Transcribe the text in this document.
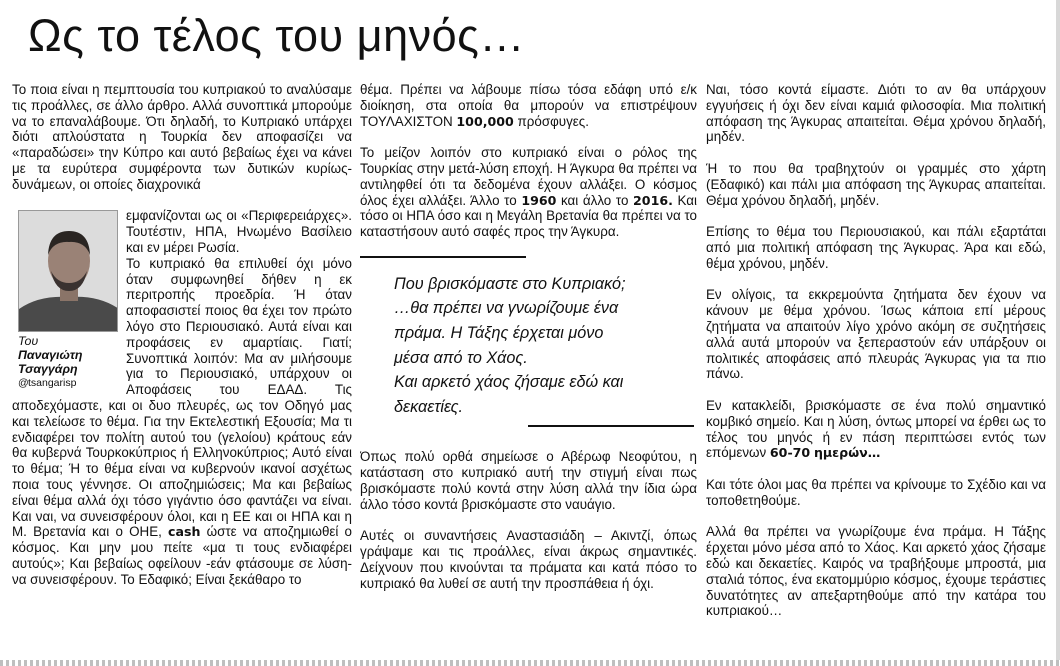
Ως το τέλος του μηνός…

Το ποια είναι η πεμπτουσία του κυπριακού το αναλύσαμε τις προάλλες, σε άλλο άρθρο. Αλλά συνοπτικά μπορούμε να το επαναλάβουμε. Ότι δηλαδή, το Κυπριακό υπάρχει διότι απλούστατα η Τουρκία δεν αποφασίζει να «παραδώσει» την Κύπρο και αυτό βεβαίως έχει να κάνει με τα ευρύτερα συμφέροντα των δυτικών κυρίως- δυνάμεων, οι οποίες διαχρονικά

Του
Παναγιώτη
Τσαγγάρη
@tsangarisp

εμφανίζονται ως οι «Περιφερειάρχες». Τουτέστιν, ΗΠΑ, Ηνωμένο Βασίλειο και εν μέρει Ρωσία.

Το κυπριακό θα επιλυθεί όχι μόνο όταν συμφωνηθεί δήθεν η εκ περιτροπής προεδρία. Ή όταν αποφασιστεί ποιος θα έχει τον πρώτο λόγο στο Περιουσιακό. Αυτά είναι και προφάσεις εν αμαρτίαις. Γιατί; Συνοπτικά λοιπόν: Μα αν μιλήσουμε για το Περιουσιακό, υπάρχουν οι Αποφάσεις του ΕΔΑΔ. Τις αποδεχόμαστε, και οι δυο πλευρές, ως τον Οδηγό μας και τελείωσε το θέμα. Για την Εκτελεστική Εξουσία; Μα τι ενδιαφέρει τον πολίτη αυτού του (γελοίου) κράτους εάν θα κυβερνά Τουρκοκύπριος ή Ελληνοκύπριος; Αυτό είναι το θέμα; Ή το θέμα είναι να κυβερνούν ικανοί ασχέτως ποια τους γέννησε. Οι αποζημιώσεις; Μα και βεβαίως είναι θέμα αλλά όχι τόσο γιγάντιο όσο φαντάζει να είναι. Και ναι, να συνεισφέρουν όλοι, και η ΕΕ και οι ΗΠΑ και η Μ. Βρετανία και ο ΟΗΕ, cash ώστε να αποζημιωθεί ο κόσμος. Και μην μου πείτε «μα τι τους ενδιαφέρει αυτούς»; Και βεβαίως οφείλουν -εάν φτάσουμε σε λύση- να συνεισφέρουν. Το Εδαφικό; Είναι ξεκάθαρο το

θέμα. Πρέπει να λάβουμε πίσω τόσα εδάφη υπό ε/κ διοίκηση, στα οποία θα μπορούν να επιστρέψουν ΤΟΥΛΑΧΙΣΤΟΝ 100,000 πρόσφυγες.

Το μείζον λοιπόν στο κυπριακό είναι ο ρόλος της Τουρκίας στην μετά-λύση εποχή. Η Άγκυρα θα πρέπει να αντιληφθεί ότι τα δεδομένα έχουν αλλάξει. Ο κόσμος όλος έχει αλλάξει. Άλλο το 1960 και άλλο το 2016. Και τόσο οι ΗΠΑ όσο και η Μεγάλη Βρετανία θα πρέπει να το καταστήσουν αυτό σαφές προς την Άγκυρα.

Που βρισκόμαστε στο Κυπριακό;
…θα πρέπει να γνωρίζουμε ένα
πράμα. Η Τάξης έρχεται μόνο
μέσα από το Χάος.
Και αρκετό χάος ζήσαμε εδώ και
δεκαετίες.

Όπως πολύ ορθά σημείωσε ο Αβέρωφ Νεοφύτου, η κατάσταση στο κυπριακό αυτή την στιγμή είναι πως βρισκόμαστε πολύ κοντά στην λύση αλλά την ίδια ώρα άλλο τόσο κοντά βρισκόμαστε στο ναυάγιο.

Αυτές οι συναντήσεις Αναστασιάδη – Ακιντζί, όπως γράψαμε και τις προάλλες, είναι άκρως σημαντικές. Δείχνουν που κινούνται τα πράματα και κατά πόσο το κυπριακό θα λυθεί σε αυτή την προσπάθεια ή όχι.

Ναι, τόσο κοντά είμαστε. Διότι το αν θα υπάρχουν εγγυήσεις ή όχι δεν είναι καμιά φιλοσοφία. Μια πολιτική απόφαση της Άγκυρας απαιτείται. Θέμα χρόνου δηλαδή, μηδέν.

Ή το που θα τραβηχτούν οι γραμμές στο χάρτη (Εδαφικό) και πάλι μια απόφαση της Άγκυρας απαιτείται. Θέμα χρόνου δηλαδή, μηδέν.

Επίσης το θέμα του Περιουσιακού, και πάλι εξαρτάται από μια πολιτική απόφαση της Άγκυρας. Άρα και εδώ, θέμα χρόνου, μηδέν.

Εν ολίγοις, τα εκκρεμούντα ζητήματα δεν έχουν να κάνουν με θέμα χρόνου. Ίσως κάποια επί μέρους ζητήματα να απαιτούν λίγο χρόνο ακόμη σε συζητήσεις αλλά αυτά μπορούν να ξεπεραστούν εάν υπάρξουν οι πολιτικές αποφάσεις από πλευράς Άγκυρας για τα πιο πάνω.

Εν κατακλείδι, βρισκόμαστε σε ένα πολύ σημαντικό κομβικό σημείο. Και η λύση, όντως μπορεί να έρθει ως το τέλος του μηνός ή εν πάση περιπτώσει εντός των επόμενων 60-70 ημερών…

Και τότε όλοι μας θα πρέπει να κρίνουμε το Σχέδιο και να τοποθετηθούμε.

Αλλά θα πρέπει να γνωρίζουμε ένα πράμα. Η Τάξης έρχεται μόνο μέσα από το Χάος. Και αρκετό χάος ζήσαμε εδώ και δεκαετίες. Καιρός να τραβήξουμε μπροστά, μια σταλιά τόπος, ένα εκατομμύριο κόσμος, έχουμε τεράστιες δυνατότητες αν απεξαρτηθούμε από την κατάρα του κυπριακού…
